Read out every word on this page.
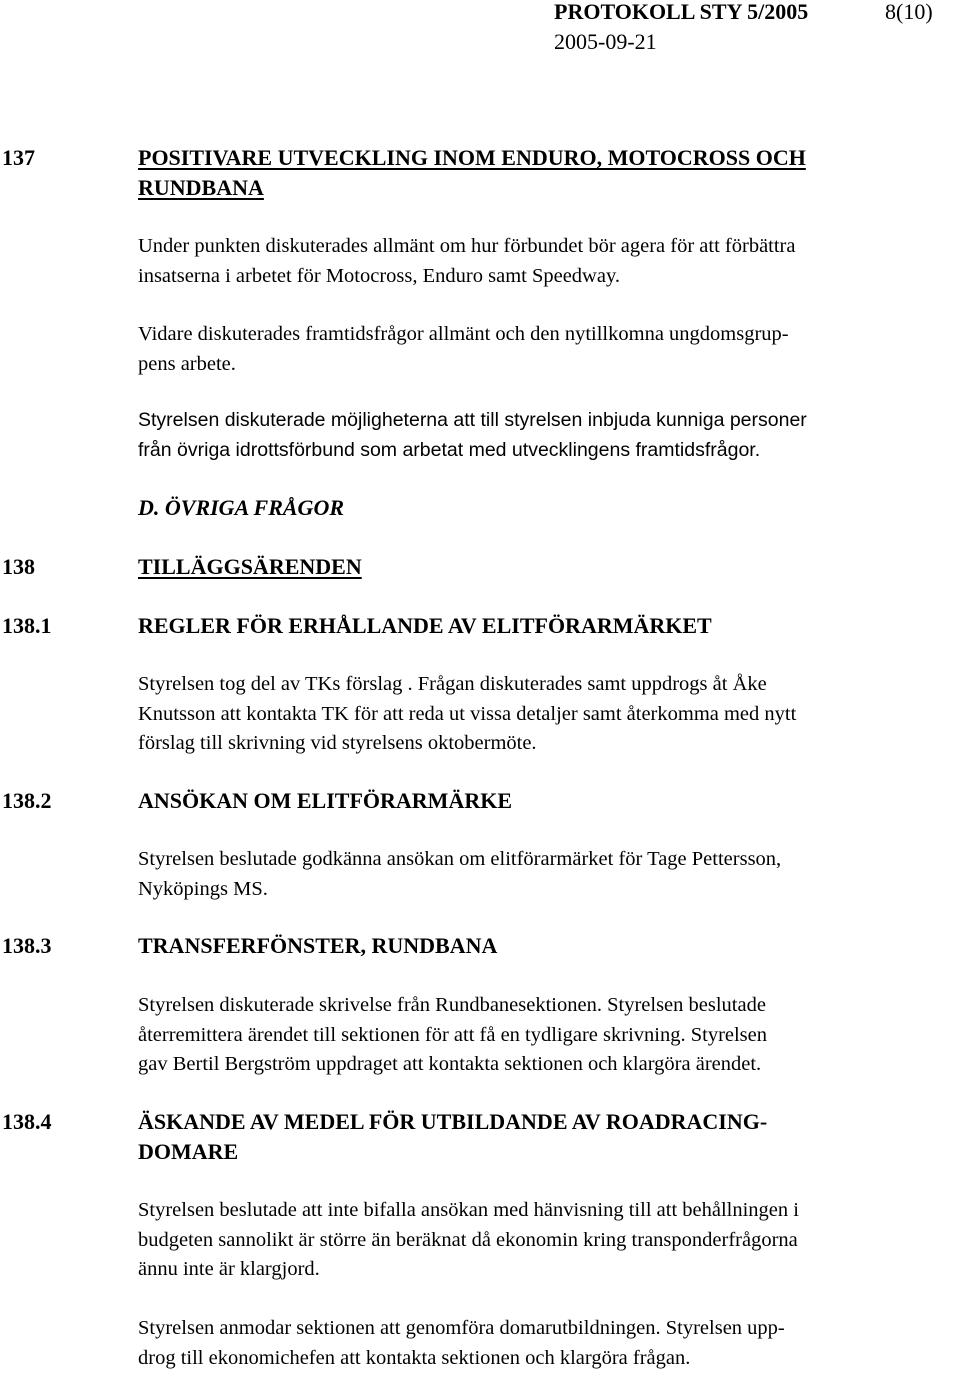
PROTOKOLL STY 5/2005	8(10)
2005-09-21
137	POSITIVARE UTVECKLING INOM ENDURO, MOTOCROSS OCH
RUNDBANA
Under punkten diskuterades allmänt om hur förbundet bör agera för att förbättra
insatserna i arbetet för Motocross, Enduro samt Speedway.
Vidare diskuterades framtidsfrågor allmänt och den nytillkomna ungdomsgrup-
pens arbete.
Styrelsen diskuterade möjligheterna att till styrelsen inbjuda kunniga personer
från övriga idrottsförbund som arbetat med utvecklingens framtidsfrågor.
D. ÖVRIGA FRÅGOR
138	TILLÄGGSÄRENDEN
138.1	REGLER FÖR ERHÅLLANDE AV ELITFÖRARMÄRKET
Styrelsen tog del av TKs förslag . Frågan diskuterades samt uppdrogs åt Åke
Knutsson att kontakta TK för att reda ut vissa detaljer samt återkomma med nytt
förslag till skrivning vid styrelsens oktobermöte.
138.2	ANSÖKAN OM ELITFÖRARMÄRKE
Styrelsen beslutade godkänna ansökan om elitförarmärket för Tage Pettersson,
Nyköpings MS.
138.3	TRANSFERFÖNSTER, RUNDBANA
Styrelsen diskuterade skrivelse från Rundbanesektionen. Styrelsen beslutade
återremittera ärendet till sektionen för att få en tydligare skrivning. Styrelsen
gav Bertil Bergström uppdraget att kontakta sektionen och klargöra ärendet.
138.4	ÄSKANDE AV MEDEL FÖR UTBILDANDE AV ROADRACING-
DOMARE
Styrelsen beslutade att inte bifalla ansökan med hänvisning till att behållningen i
budgeten sannolikt är större än beräknat då ekonomin kring transponderfrågorna
ännu inte är klargjord.
Styrelsen anmodar sektionen att genomföra domarutbildningen. Styrelsen upp-
drog till ekonomichefen att kontakta sektionen och klargöra frågan.
